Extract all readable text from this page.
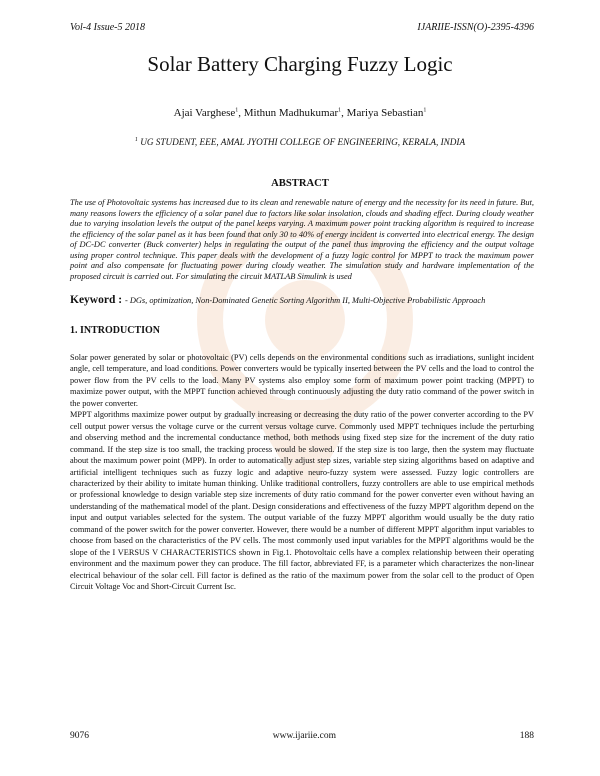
Vol-4 Issue-5 2018	IJARIIE-ISSN(O)-2395-4396
Solar Battery Charging Fuzzy Logic
Ajai Varghese$^1$, Mithun Madhukumar$^1$, Mariya Sebastian$^1$
$^1$ UG STUDENT, EEE, AMAL JYOTHI COLLEGE OF ENGINEERING, KERALA, INDIA
ABSTRACT
The use of Photovoltaic systems has increased due to its clean and renewable nature of energy and the necessity for its need in future. But, many reasons lowers the efficiency of a solar panel due to factors like solar insolation, clouds and shading effect. During cloudy weather due to varying insolation levels the output of the panel keeps varying. A maximum power point tracking algorithm is required to increase the efficiency of the solar panel as it has been found that only 30 to 40% of energy incident is converted into electrical energy. The design of DC-DC converter (Buck converter) helps in regulating the output of the panel thus improving the efficiency and the output voltage using proper control technique. This paper deals with the development of a fuzzy logic control for MPPT to track the maximum power point and also compensate for fluctuating power during cloudy weather. The simulation study and hardware implementation of the proposed circuit is carried out. For simulating the circuit MATLAB Simulink is used
Keyword : - DGs, optimization, Non-Dominated Genetic Sorting Algorithm II, Multi-Objective Probabilistic Approach
1. INTRODUCTION

Solar power generated by solar or photovoltaic (PV) cells depends on the environmental conditions such as irradiations, sunlight incident angle, cell temperature, and load conditions. Power converters would be typically inserted between the PV cells and the load to control the power flow from the PV cells to the load. Many PV systems also employ some form of maximum power point tracking (MPPT) to maximize power output, with the MPPT function achieved through continuously adjusting the duty ratio command of the power switch in the power converter.

MPPT algorithms maximize power output by gradually increasing or decreasing the duty ratio of the power converter according to the PV cell output power versus the voltage curve or the current versus voltage curve. Commonly used MPPT techniques include the perturbing and observing method and the incremental conductance method, both methods using fixed step size for the increment of the duty ratio command. If the step size is too small, the tracking process would be slowed. If the step size is too large, then the system may fluctuate about the maximum power point (MPP). In order to automatically adjust step sizes, variable step sizing algorithms based on adaptive and artificial intelligent techniques such as fuzzy logic and adaptive neuro-fuzzy system were assessed. Fuzzy logic controllers are characterized by their ability to imitate human thinking. Unlike traditional controllers, fuzzy controllers are able to use empirical methods or professional knowledge to design variable step size increments of duty ratio command for the power converter even without having an understanding of the mathematical model of the plant. Design considerations and effectiveness of the fuzzy MPPT algorithm depend on the input and output variables selected for the system. The output variable of the fuzzy MPPT algorithm would usually be the duty ratio command of the power switch for the power converter. However, there would be a number of different MPPT algorithm input variables to choose from based on the characteristics of the PV cells. The most commonly used input variables for the MPPT algorithms would be the slope of the I VERSUS V CHARACTERISTICS shown in Fig.1. Photovoltaic cells have a complex relationship between their operating environment and the maximum power they can produce. The fill factor, abbreviated FF, is a parameter which characterizes the non-linear electrical behaviour of the solar cell. Fill factor is defined as the ratio of the maximum power from the solar cell to the product of Open Circuit Voltage Voc and Short-Circuit Current Isc.

9076	www.ijariie.com	188
